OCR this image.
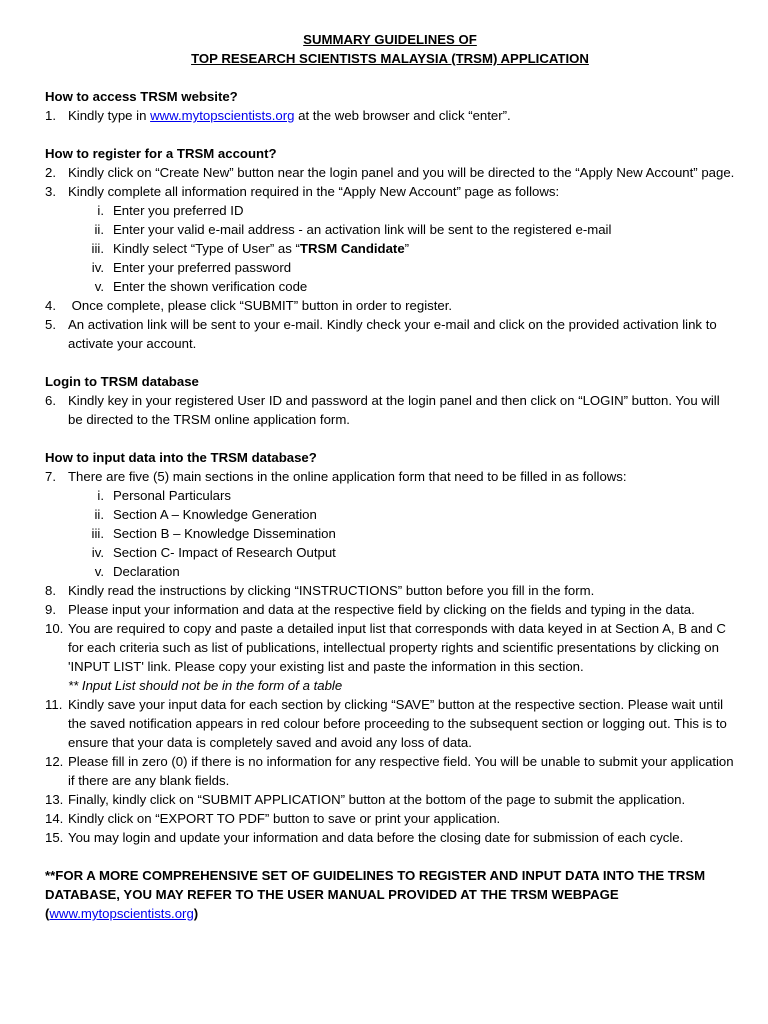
SUMMARY GUIDELINES OF

TOP RESEARCH SCIENTISTS MALAYSIA (TRSM) APPLICATION

How to access TRSM website?

1. Kindly type in www.mytopscientists.org at the web browser and click “enter”.

How to register for a TRSM account?

2. Kindly click on “Create New” button near the login panel and you will be directed to the “Apply New Account” page.
3. Kindly complete all information required in the “Apply New Account” page as follows:
i. Enter you preferred ID
ii. Enter your valid e-mail address - an activation link will be sent to the registered e-mail
iii. Kindly select “Type of User” as “TRSM Candidate”
iv. Enter your preferred password
v. Enter the shown verification code
4. Once complete, please click “SUBMIT” button in order to register.
5. An activation link will be sent to your e-mail. Kindly check your e-mail and click on the provided activation link to activate your account.

Login to TRSM database

6. Kindly key in your registered User ID and password at the login panel and then click on “LOGIN” button. You will be directed to the TRSM online application form.

How to input data into the TRSM database?

7. There are five (5) main sections in the online application form that need to be filled in as follows:
i. Personal Particulars
ii. Section A – Knowledge Generation
iii. Section B – Knowledge Dissemination
iv. Section C- Impact of Research Output
v. Declaration
8. Kindly read the instructions by clicking “INSTRUCTIONS” button before you fill in the form.
9. Please input your information and data at the respective field by clicking on the fields and typing in the data.
10. You are required to copy and paste a detailed input list that corresponds with data keyed in at Section A, B and C for each criteria such as list of publications, intellectual property rights and scientific presentations by clicking on 'INPUT LIST' link. Please copy your existing list and paste the information in this section.
** Input List should not be in the form of a table
11. Kindly save your input data for each section by clicking “SAVE” button at the respective section. Please wait until the saved notification appears in red colour before proceeding to the subsequent section or logging out. This is to ensure that your data is completely saved and avoid any loss of data.
12. Please fill in zero (0) if there is no information for any respective field. You will be unable to submit your application if there are any blank fields.
13. Finally, kindly click on “SUBMIT APPLICATION” button at the bottom of the page to submit the application.
14. Kindly click on “EXPORT TO PDF” button to save or print your application.
15. You may login and update your information and data before the closing date for submission of each cycle.
**FOR A MORE COMPREHENSIVE SET OF GUIDELINES TO REGISTER AND INPUT DATA INTO THE TRSM DATABASE, YOU MAY REFER TO THE USER MANUAL PROVIDED AT THE TRSM WEBPAGE (www.mytopscientists.org)
